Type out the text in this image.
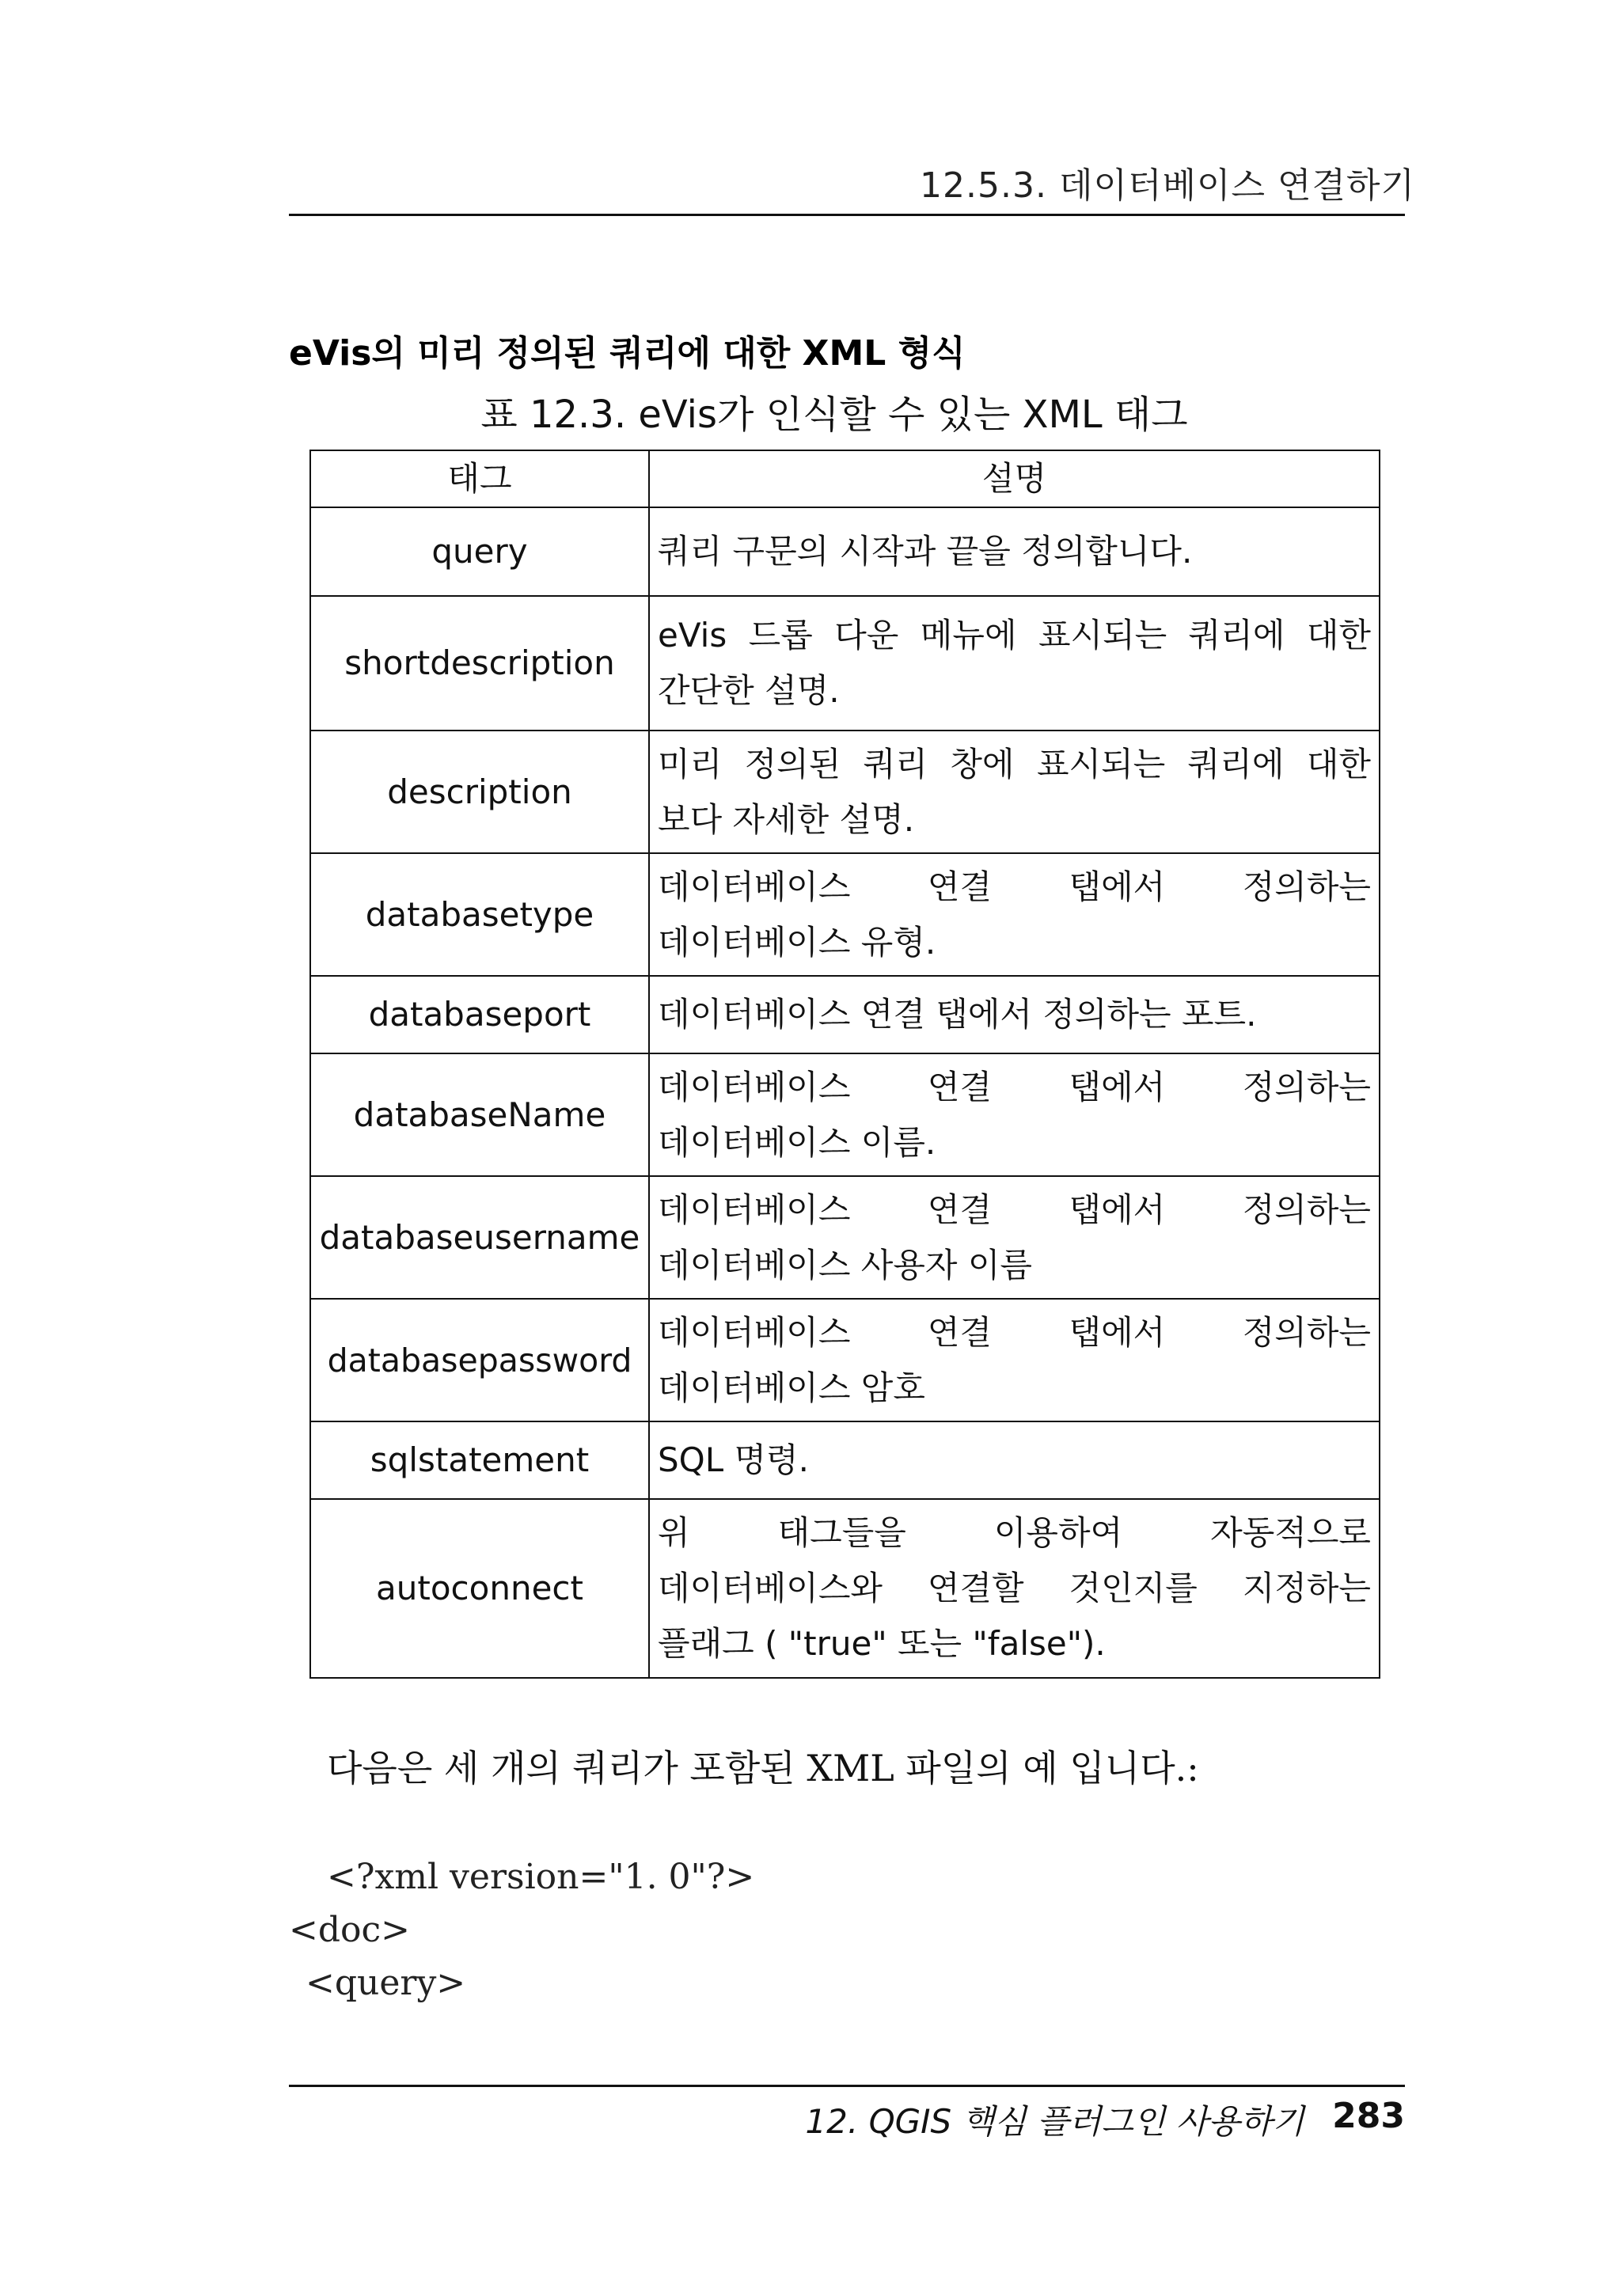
12.5.3. 데이터베이스 연결하기
eVis의 미리 정의된 쿼리에 대한 XML 형식
표 12.3. eVis가 인식할 수 있는 XML 태그
태그	설명
query	쿼리 구문의 시작과 끝을 정의합니다.
shortdescription	eVis 드롭 다운 메뉴에 표시되는 쿼리에 대한 간단한 설명.
description	미리 정의된 쿼리 창에 표시되는 쿼리에 대한 보다 자세한 설명.
databasetype	데이터베이스 연결 탭에서 정의하는 데이터베이스 유형.
databaseport	데이터베이스 연결 탭에서 정의하는 포트.
databaseName	데이터베이스 연결 탭에서 정의하는 데이터베이스 이름.
databaseusername	데이터베이스 연결 탭에서 정의하는 데이터베이스 사용자 이름
databasepassword	데이터베이스 연결 탭에서 정의하는 데이터베이스 암호
sqlstatement	SQL 명령.
autoconnect	위 태그들을 이용하여 자동적으로 데이터베이스와 연결할 것인지를 지정하는 플래그 ( "true" 또는 "false").
다음은 세 개의 쿼리가 포함된 XML 파일의 예 입니다.:
<?xml version="1. 0"?>
<doc>
<query>
12. QGIS 핵심 플러그인 사용하기 283
